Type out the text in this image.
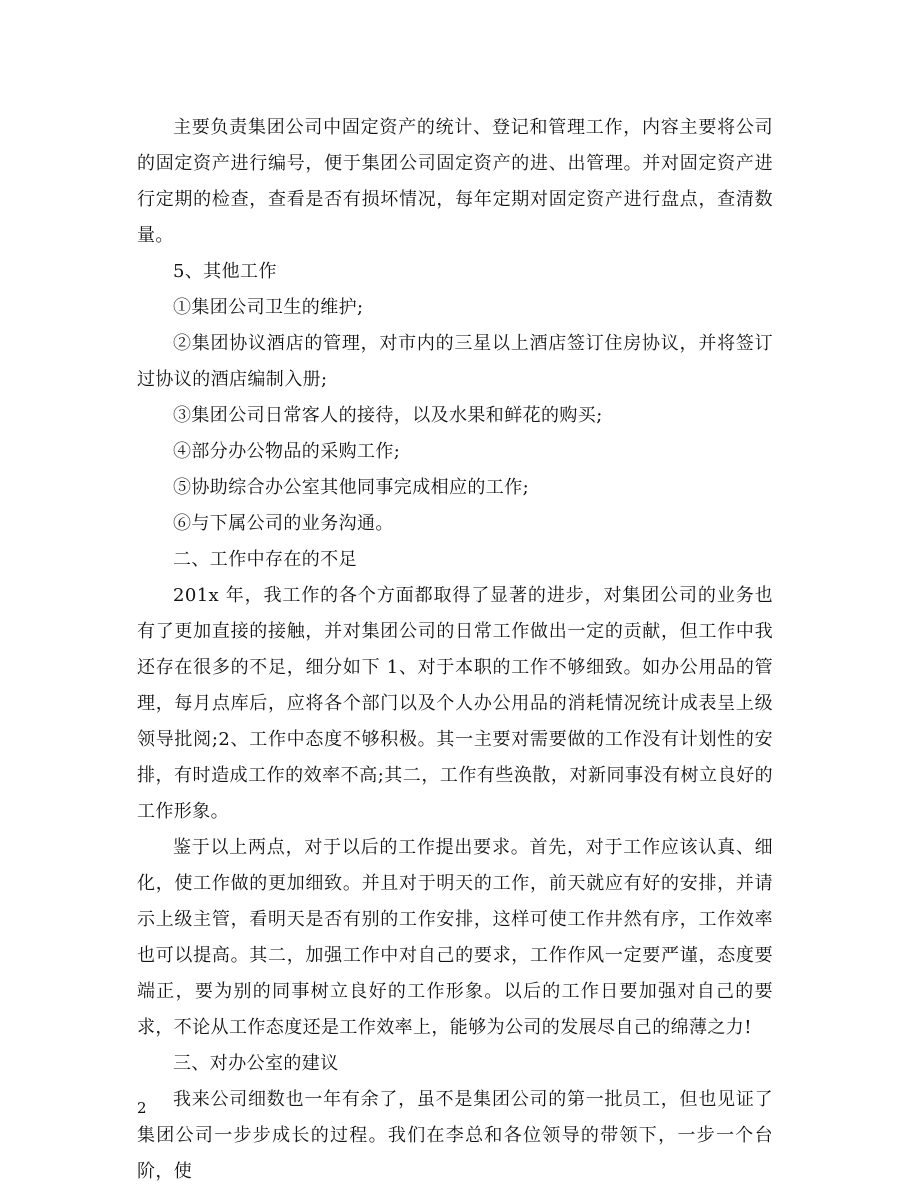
主要负责集团公司中固定资产的统计、登记和管理工作，内容主要将公司的固定资产进行编号，便于集团公司固定资产的进、出管理。并对固定资产进行定期的检查，查看是否有损坏情况，每年定期对固定资产进行盘点，查清数量。

5、其他工作

①集团公司卫生的维护;

②集团协议酒店的管理，对市内的三星以上酒店签订住房协议，并将签订过协议的酒店编制入册;

③集团公司日常客人的接待，以及水果和鲜花的购买;

④部分办公物品的采购工作;

⑤协助综合办公室其他同事完成相应的工作;

⑥与下属公司的业务沟通。

二、工作中存在的不足

201x 年，我工作的各个方面都取得了显著的进步，对集团公司的业务也有了更加直接的接触，并对集团公司的日常工作做出一定的贡献，但工作中我还存在很多的不足，细分如下 1、对于本职的工作不够细致。如办公用品的管理，每月点库后，应将各个部门以及个人办公用品的消耗情况统计成表呈上级领导批阅;2、工作中态度不够积极。其一主要对需要做的工作没有计划性的安排，有时造成工作的效率不高;其二，工作有些涣散，对新同事没有树立良好的工作形象。

鉴于以上两点，对于以后的工作提出要求。首先，对于工作应该认真、细化，使工作做的更加细致。并且对于明天的工作，前天就应有好的安排，并请示上级主管，看明天是否有别的工作安排，这样可使工作井然有序，工作效率也可以提高。其二，加强工作中对自己的要求，工作作风一定要严谨，态度要端正，要为别的同事树立良好的工作形象。以后的工作日要加强对自己的要求，不论从工作态度还是工作效率上，能够为公司的发展尽自己的绵薄之力!

三、对办公室的建议

我来公司细数也一年有余了，虽不是集团公司的第一批员工，但也见证了集团公司一步步成长的过程。我们在李总和各位领导的带领下，一步一个台阶，使

2
